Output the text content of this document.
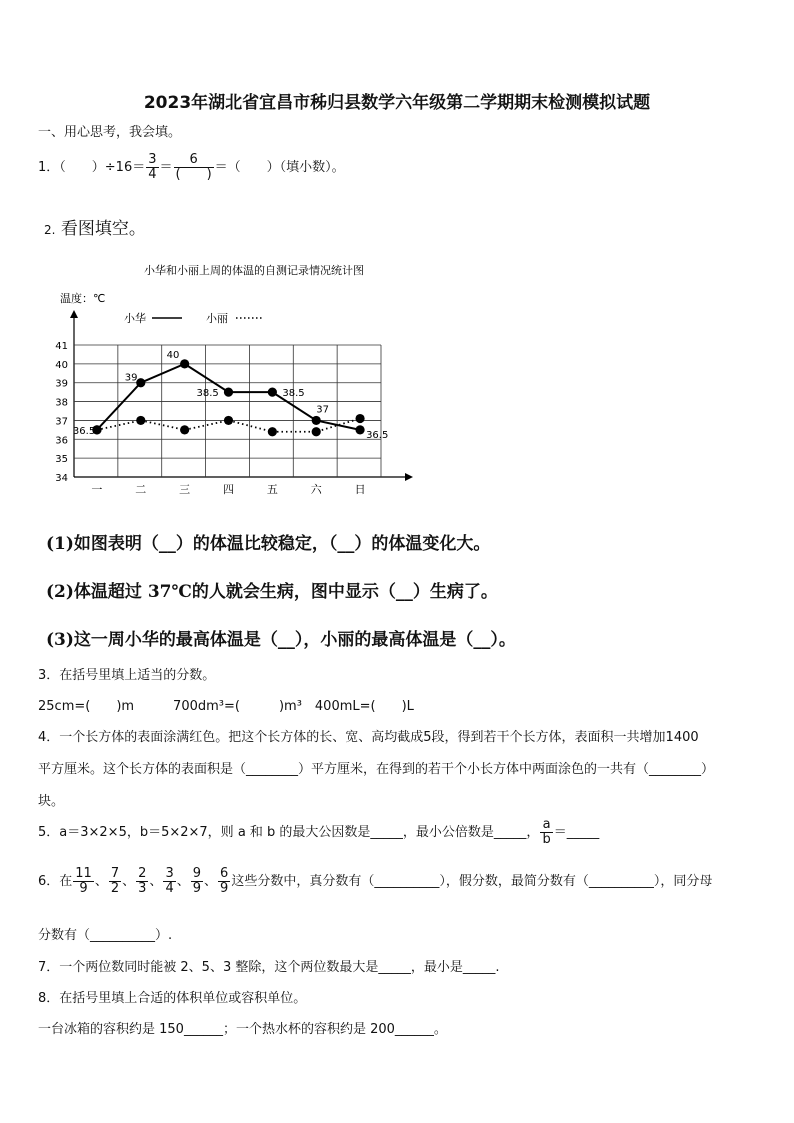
2023年湖北省宜昌市秭归县数学六年级第二学期期末检测模拟试题
一、用心思考，我会填。
1．（　　）$\div 16= \frac{3}{4} = \frac{6}{( )}$ ＝（　　）（填小数）。
2. 看图填空。
小华和小丽上周的体温的自测记录情况统计图
温度：℃
小华	小丽
34
35
36
37
38
39
40
41
一	二	三	四	五	六	日
36.5
39
40
38.5	38.5
37
36.5
(1)如图表明（__）的体温比较稳定，（__）的体温变化大。
(2)体温超过 37℃的人就会生病，图中显示（__）生病了。
(3)这一周小华的最高体温是（__），小丽的最高体温是（__）。
3．在括号里填上适当的分数。
25cm=(　　)m　　　700dm³=(　　　)m³　400mL=(　　)L
4．一个长方体的表面涂满红色。把这个长方体的长、宽、高均截成5段，得到若干个长方体，表面积一共增加1400
平方厘米。这个长方体的表面积是（________）平方厘米，在得到的若干个小长方体中两面涂色的一共有（________）
块。
5．a＝3×2×5，b＝5×2×7，则 a 和 b 的最大公因数是_____，最小公倍数是_____， $\frac{a}{b}$ ＝_____
6．在 $\frac{11}{9}$ 、 $\frac{7}{2}$ 、 $\frac{2}{3}$ 、 $\frac{3}{4}$ 、 $\frac{9}{9}$ 、 $\frac{6}{9}$ 这些分数中，真分数有（__________），假分数，最简分数有（__________），同分母
分数有（__________）.
7．一个两位数同时能被 2、5、3 整除，这个两位数最大是_____，最小是_____.
8．在括号里填上合适的体积单位或容积单位。
一台冰箱的容积约是 150______；一个热水杯的容积约是 200______。
